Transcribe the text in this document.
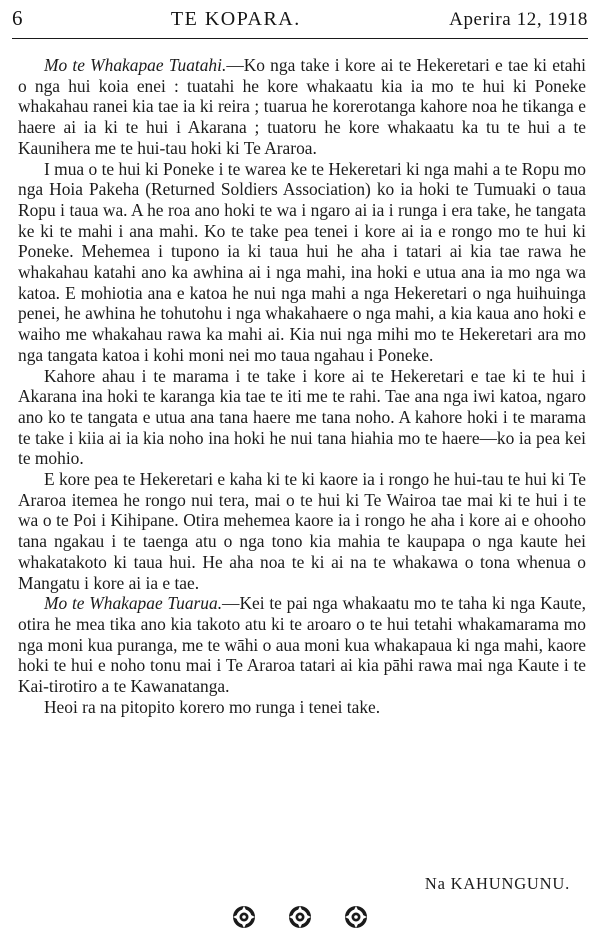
6	TE KOPARA.	Aperira 12, 1918

Mo te Whakapae Tuatahi.—Ko nga take i kore ai te Hekeretari e tae ki etahi o nga hui koia enei : tuatahi he kore whakaatu kia ia mo te hui ki Poneke whakahau ranei kia tae ia ki reira ; tuarua he korerotanga kahore noa he tikanga e haere ai ia ki te hui i Akarana ; tuatoru he kore whakaatu ka tu te hui a te Kaunihera me te hui-tau hoki ki Te Araroa.

I mua o te hui ki Poneke i te warea ke te Hekeretari ki nga mahi a te Ropu mo nga Hoia Pakeha (Returned Soldiers Association) ko ia hoki te Tumuaki o taua Ropu i taua wa. A he roa ano hoki te wa i ngaro ai ia i runga i era take, he tangata ke ki te mahi i ana mahi. Ko te take pea tenei i kore ai ia e rongo mo te hui ki Poneke. Mehemea i tupono ia ki taua hui he aha i tatari ai kia tae rawa he whakahau katahi ano ka awhina ai i nga mahi, ina hoki e utua ana ia mo nga wa katoa. E mohiotia ana e katoa he nui nga mahi a nga Hekeretari o nga huihuinga penei, he awhina he tohutohu i nga whakahaere o nga mahi, a kia kaua ano hoki e waiho me whakahau rawa ka mahi ai. Kia nui nga mihi mo te Hekeretari ara mo nga tangata katoa i kohi moni nei mo taua ngahau i Poneke.

Kahore ahau i te marama i te take i kore ai te Hekeretari e tae ki te hui i Akarana ina hoki te karanga kia tae te iti me te rahi. Tae ana nga iwi katoa, ngaro ano ko te tangata e utua ana tana haere me tana noho. A kahore hoki i te marama te take i kiia ai ia kia noho ina hoki he nui tana hiahia mo te haere—ko ia pea kei te mohio.

E kore pea te Hekeretari e kaha ki te ki kaore ia i rongo he hui-tau te hui ki Te Araroa itemea he rongo nui tera, mai o te hui ki Te Wairoa tae mai ki te hui i te wa o te Poi i Kihipane. Otira mehemea kaore ia i rongo he aha i kore ai e ohooho tana ngakau i te taenga atu o nga tono kia mahia te kaupapa o nga kaute hei whakatakoto ki taua hui. He aha noa te ki ai na te whakawa o tona whenua o Mangatu i kore ai ia e tae.

Mo te Whakapae Tuarua.—Kei te pai nga whakaatu mo te taha ki nga Kaute, otira he mea tika ano kia takoto atu ki te aroaro o te hui tetahi whakamarama mo nga moni kua puranga, me te wāhi o aua moni kua whakapaua ki nga mahi, kaore hoki te hui e noho tonu mai i Te Araroa tatari ai kia pāhi rawa mai nga Kaute i te Kai-tirotiro a te Kawanatanga.

Heoi ra na pitopito korero mo runga i tenei take.

Na KAHUNGUNU.
